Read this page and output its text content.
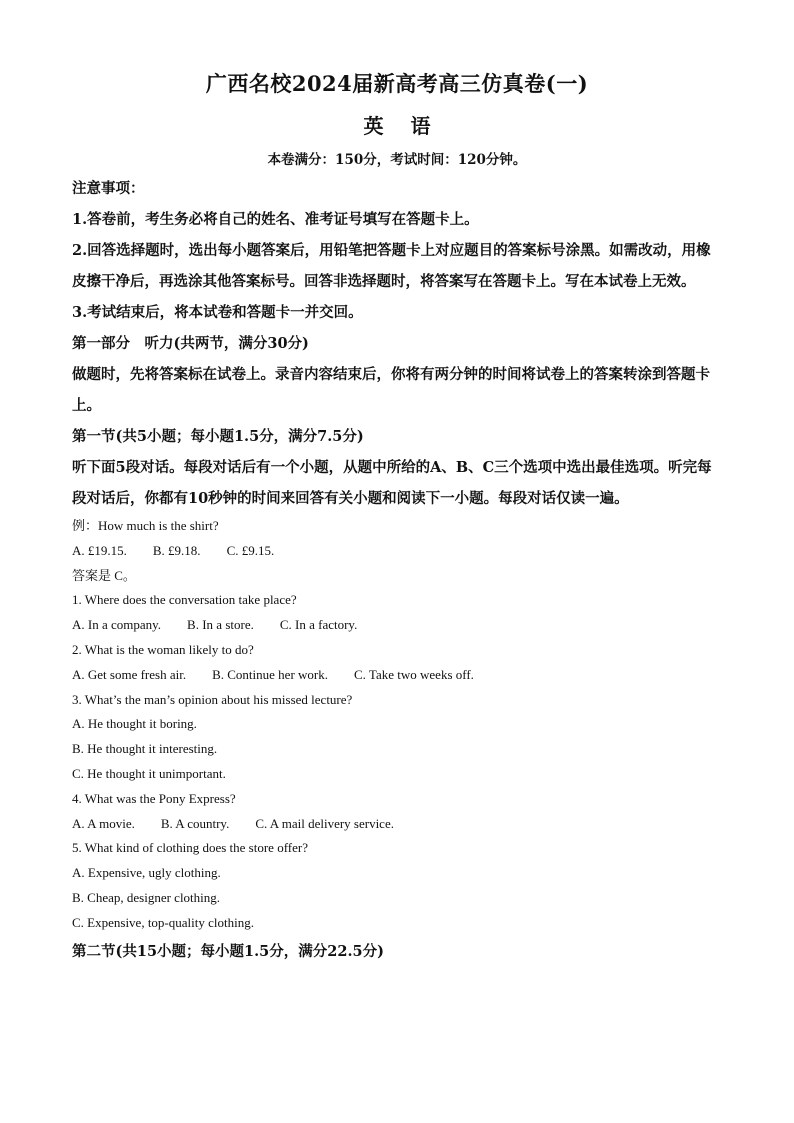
广西名校2024届新高考高三仿真卷(一)
英 语
本卷满分：150分，考试时间：120分钟。

注意事项：

1.答卷前，考生务必将自己的姓名、准考证号填写在答题卡上。

2.回答选择题时，选出每小题答案后，用铅笔把答题卡上对应题目的答案标号涂黑。如需改动，用橡皮擦干净后，再选涂其他答案标号。回答非选择题时，将答案写在答题卡上。写在本试卷上无效。

3.考试结束后，将本试卷和答题卡一并交回。

第一部分　听力(共两节，满分30分)

做题时，先将答案标在试卷上。录音内容结束后，你将有两分钟的时间将试卷上的答案转涂到答题卡上。

第一节(共5小题；每小题1.5分，满分7.5分)

听下面5段对话。每段对话后有一个小题，从题中所给的A、B、C三个选项中选出最佳选项。听完每段对话后，你都有10秒钟的时间来回答有关小题和阅读下一小题。每段对话仅读一遍。

例：How much is the shirt?

A. £19.15. B. £9.18. C. £9.15.

答案是 C。

1. Where does the conversation take place?

A. In a company. B. In a store. C. In a factory.

2. What is the woman likely to do?

A. Get some fresh air. B. Continue her work. C. Take two weeks off.

3. What’s the man’s opinion about his missed lecture?

A. He thought it boring.

B. He thought it interesting.

C. He thought it unimportant.

4. What was the Pony Express?

A. A movie. B. A country. C. A mail delivery service.

5. What kind of clothing does the store offer?

A. Expensive, ugly clothing.

B. Cheap, designer clothing.

C. Expensive, top-quality clothing.

第二节(共15小题；每小题1.5分，满分22.5分)
